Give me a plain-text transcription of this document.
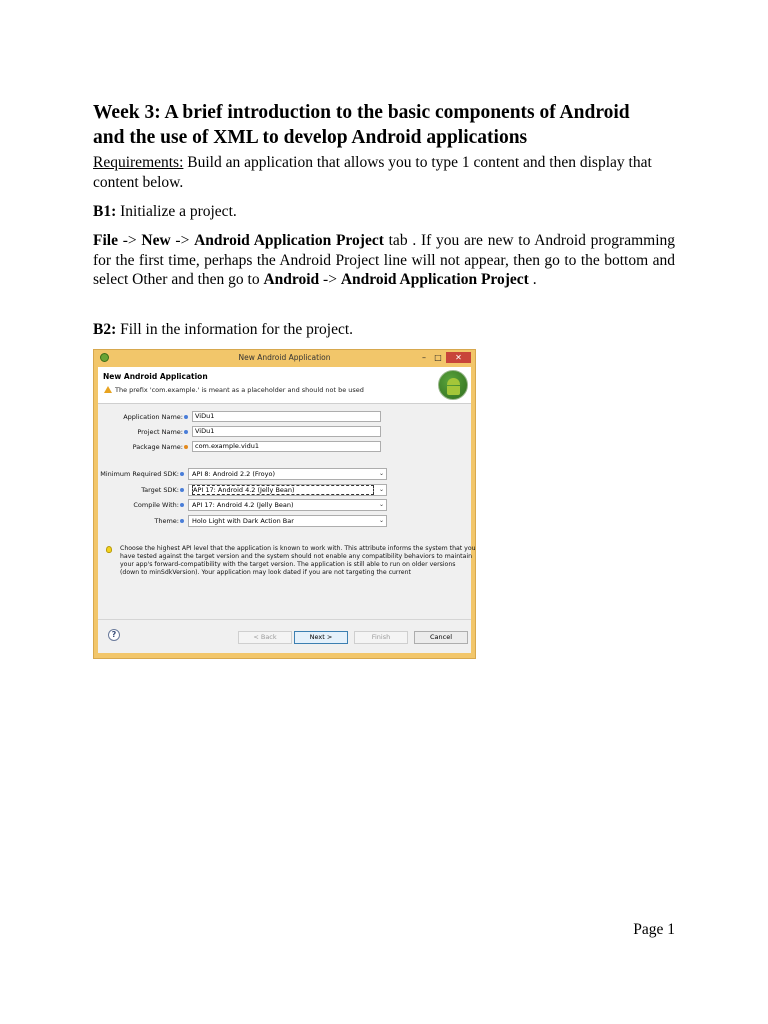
Week 3: A brief introduction to the basic components of Android
and the use of XML to develop Android applications
Requirements: Build an application that allows you to type 1 content and then display that content below.
B1: Initialize a project.
File -> New -> Android Application Project tab . If you are new to Android programming for the first time, perhaps the Android Project line will not appear, then go to the bottom and select Other and then go to Android -> Android Application Project .
B2: Fill in the information for the project.
New Android Application	–	□	✕
New Android Application
The prefix 'com.example.' is meant as a placeholder and should not be used
Application Name:	ViDu1
Project Name:	ViDu1
Package Name:	com.example.vidu1
Minimum Required SDK:	API 8: Android 2.2 (Froyo)	⌄
Target SDK:	API 17: Android 4.2 (Jelly Bean)	⌄
Compile With:	API 17: Android 4.2 (Jelly Bean)	⌄
Theme:	Holo Light with Dark Action Bar	⌄
Choose the highest API level that the application is known to work with. This attribute informs the system that you have tested against the target version and the system should not enable any compatibility behaviors to maintain your app's forward-compatibility with the target version. The application is still able to run on older versions (down to minSdkVersion). Your application may look dated if you are not targeting the current
?	< Back	Next >	Finish	Cancel
Page 1
